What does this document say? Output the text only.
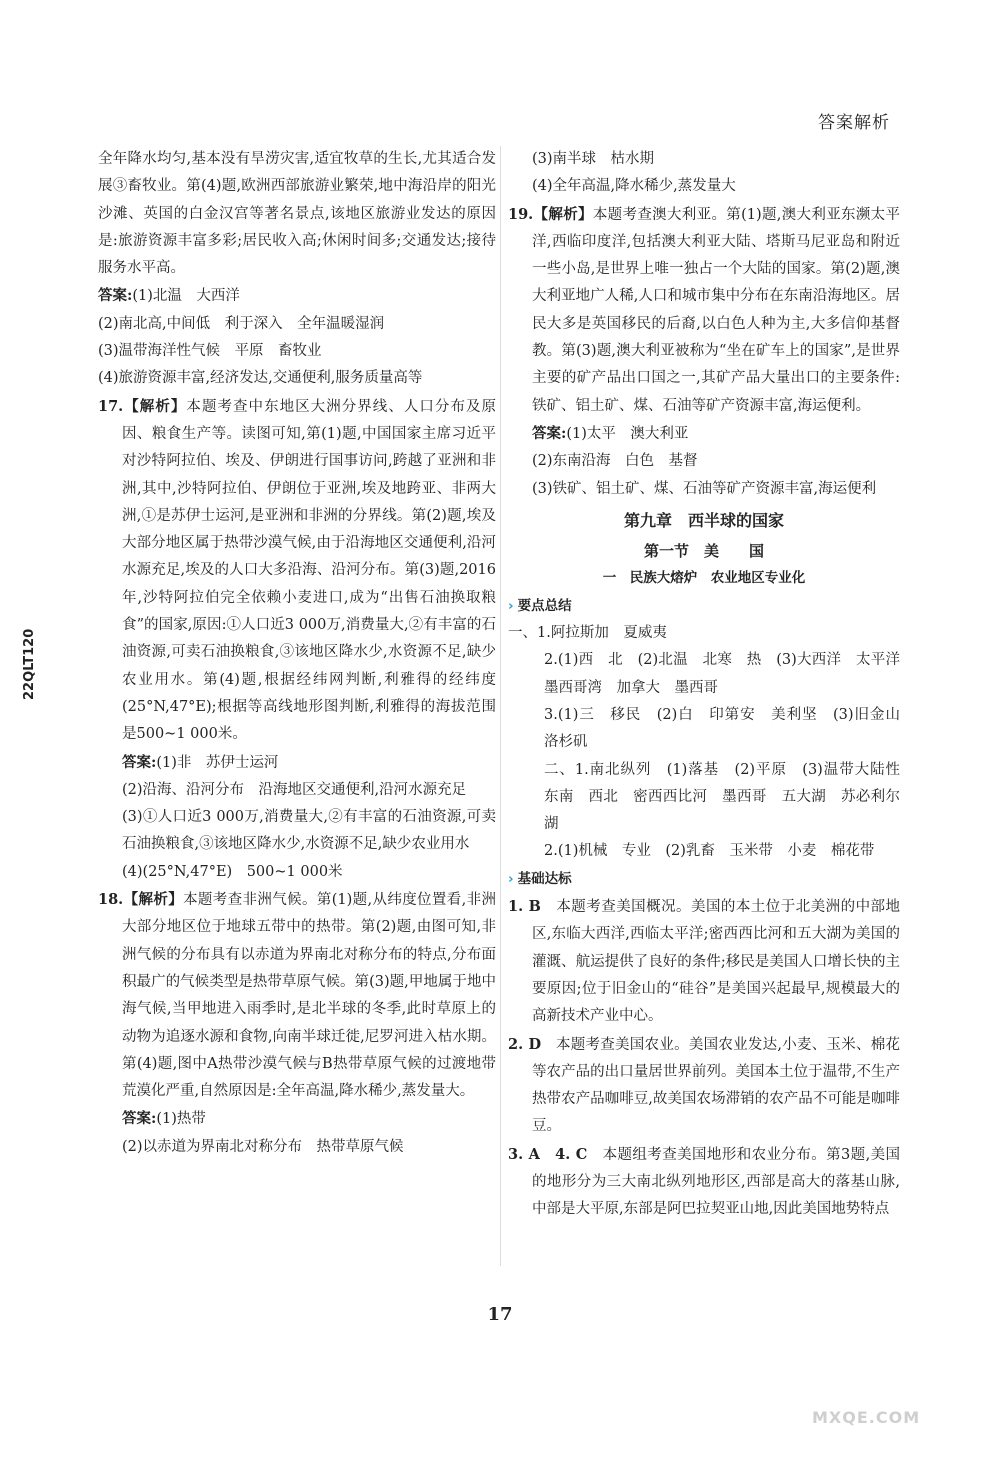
答案解析
22QLT120

全年降水均匀,基本没有旱涝灾害,适宜牧草的生长,尤其适合发展③畜牧业。第(4)题,欧洲西部旅游业繁荣,地中海沿岸的阳光沙滩、英国的白金汉宫等著名景点,该地区旅游业发达的原因是:旅游资源丰富多彩;居民收入高;休闲时间多;交通发达;接待服务水平高。

答案:(1)北温　大西洋

(2)南北高,中间低　利于深入　全年温暖湿润

(3)温带海洋性气候　平原　畜牧业

(4)旅游资源丰富,经济发达,交通便利,服务质量高等

17.【解析】本题考查中东地区大洲分界线、人口分布及原因、粮食生产等。读图可知,第(1)题,中国国家主席习近平对沙特阿拉伯、埃及、伊朗进行国事访问,跨越了亚洲和非洲,其中,沙特阿拉伯、伊朗位于亚洲,埃及地跨亚、非两大洲,①是苏伊士运河,是亚洲和非洲的分界线。第(2)题,埃及大部分地区属于热带沙漠气候,由于沿海地区交通便利,沿河水源充足,埃及的人口大多沿海、沿河分布。第(3)题,2016年,沙特阿拉伯完全依赖小麦进口,成为“出售石油换取粮食”的国家,原因:①人口近3 000万,消费量大,②有丰富的石油资源,可卖石油换粮食,③该地区降水少,水资源不足,缺少农业用水。第(4)题,根据经纬网判断,利雅得的经纬度(25°N,47°E);根据等高线地形图判断,利雅得的海拔范围是500~1 000米。

答案:(1)非　苏伊士运河

(2)沿海、沿河分布　沿海地区交通便利,沿河水源充足

(3)①人口近3 000万,消费量大,②有丰富的石油资源,可卖石油换粮食,③该地区降水少,水资源不足,缺少农业用水

(4)(25°N,47°E)　500~1 000米

18.【解析】本题考查非洲气候。第(1)题,从纬度位置看,非洲大部分地区位于地球五带中的热带。第(2)题,由图可知,非洲气候的分布具有以赤道为界南北对称分布的特点,分布面积最广的气候类型是热带草原气候。第(3)题,甲地属于地中海气候,当甲地进入雨季时,是北半球的冬季,此时草原上的动物为追逐水源和食物,向南半球迁徙,尼罗河进入枯水期。第(4)题,图中A热带沙漠气候与B热带草原气候的过渡地带荒漠化严重,自然原因是:全年高温,降水稀少,蒸发量大。

答案:(1)热带

(2)以赤道为界南北对称分布　热带草原气候

(3)南半球　枯水期

(4)全年高温,降水稀少,蒸发量大

19.【解析】本题考查澳大利亚。第(1)题,澳大利亚东濒太平洋,西临印度洋,包括澳大利亚大陆、塔斯马尼亚岛和附近一些小岛,是世界上唯一独占一个大陆的国家。第(2)题,澳大利亚地广人稀,人口和城市集中分布在东南沿海地区。居民大多是英国移民的后裔,以白色人种为主,大多信仰基督教。第(3)题,澳大利亚被称为“坐在矿车上的国家”,是世界主要的矿产品出口国之一,其矿产品大量出口的主要条件:铁矿、铝土矿、煤、石油等矿产资源丰富,海运便利。

答案:(1)太平　澳大利亚

(2)东南沿海　白色　基督

(3)铁矿、铝土矿、煤、石油等矿产资源丰富,海运便利

第九章　西半球的国家

第一节　美　　国

一　民族大熔炉　农业地区专业化

› 要点总结

一、1.阿拉斯加　夏威夷

2.(1)西　北　(2)北温　北寒　热　(3)大西洋　太平洋　墨西哥湾　加拿大　墨西哥

3.(1)三　移民　(2)白　印第安　美利坚　(3)旧金山　洛杉矶

二、1.南北纵列　(1)落基　(2)平原　(3)温带大陆性　东南　西北　密西西比河　墨西哥　五大湖　苏必利尔湖

2.(1)机械　专业　(2)乳畜　玉米带　小麦　棉花带

› 基础达标

1. B　 本题考查美国概况。美国的本土位于北美洲的中部地区,东临大西洋,西临太平洋;密西西比河和五大湖为美国的灌溉、航运提供了良好的条件;移民是美国人口增长快的主要原因;位于旧金山的“硅谷”是美国兴起最早,规模最大的高新技术产业中心。

2. D　 本题考查美国农业。美国农业发达,小麦、玉米、棉花等农产品的出口量居世界前列。美国本土位于温带,不生产热带农产品咖啡豆,故美国农场滞销的农产品不可能是咖啡豆。

3. A　4. C　 本题组考查美国地形和农业分布。第3题,美国的地形分为三大南北纵列地形区,西部是高大的落基山脉,中部是大平原,东部是阿巴拉契亚山地,因此美国地势特点

17
MXQE.COM
